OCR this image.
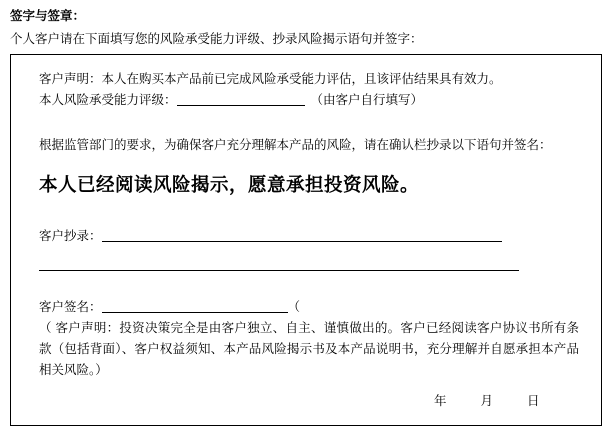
签字与签章：
个人客户请在下面填写您的风险承受能力评级、抄录风险揭示语句并签字：
客户声明：本人在购买本产品前已完成风险承受能力评估，且该评估结果具有效力。
本人风险承受能力评级：	（由客户自行填写）
根据监管部门的要求，为确保客户充分理解本产品的风险，请在确认栏抄录以下语句并签名：
本人已经阅读风险揭示，愿意承担投资风险。
客户抄录：
客户签名：	（
（ 客户声明：投资决策完全是由客户独立、自主、谨慎做出的。客户已经阅读客户协议书所有条款（包括背面）、客户权益须知、本产品风险揭示书及本产品说明书，充分理解并自愿承担本产品相关风险。）
年	月	日
